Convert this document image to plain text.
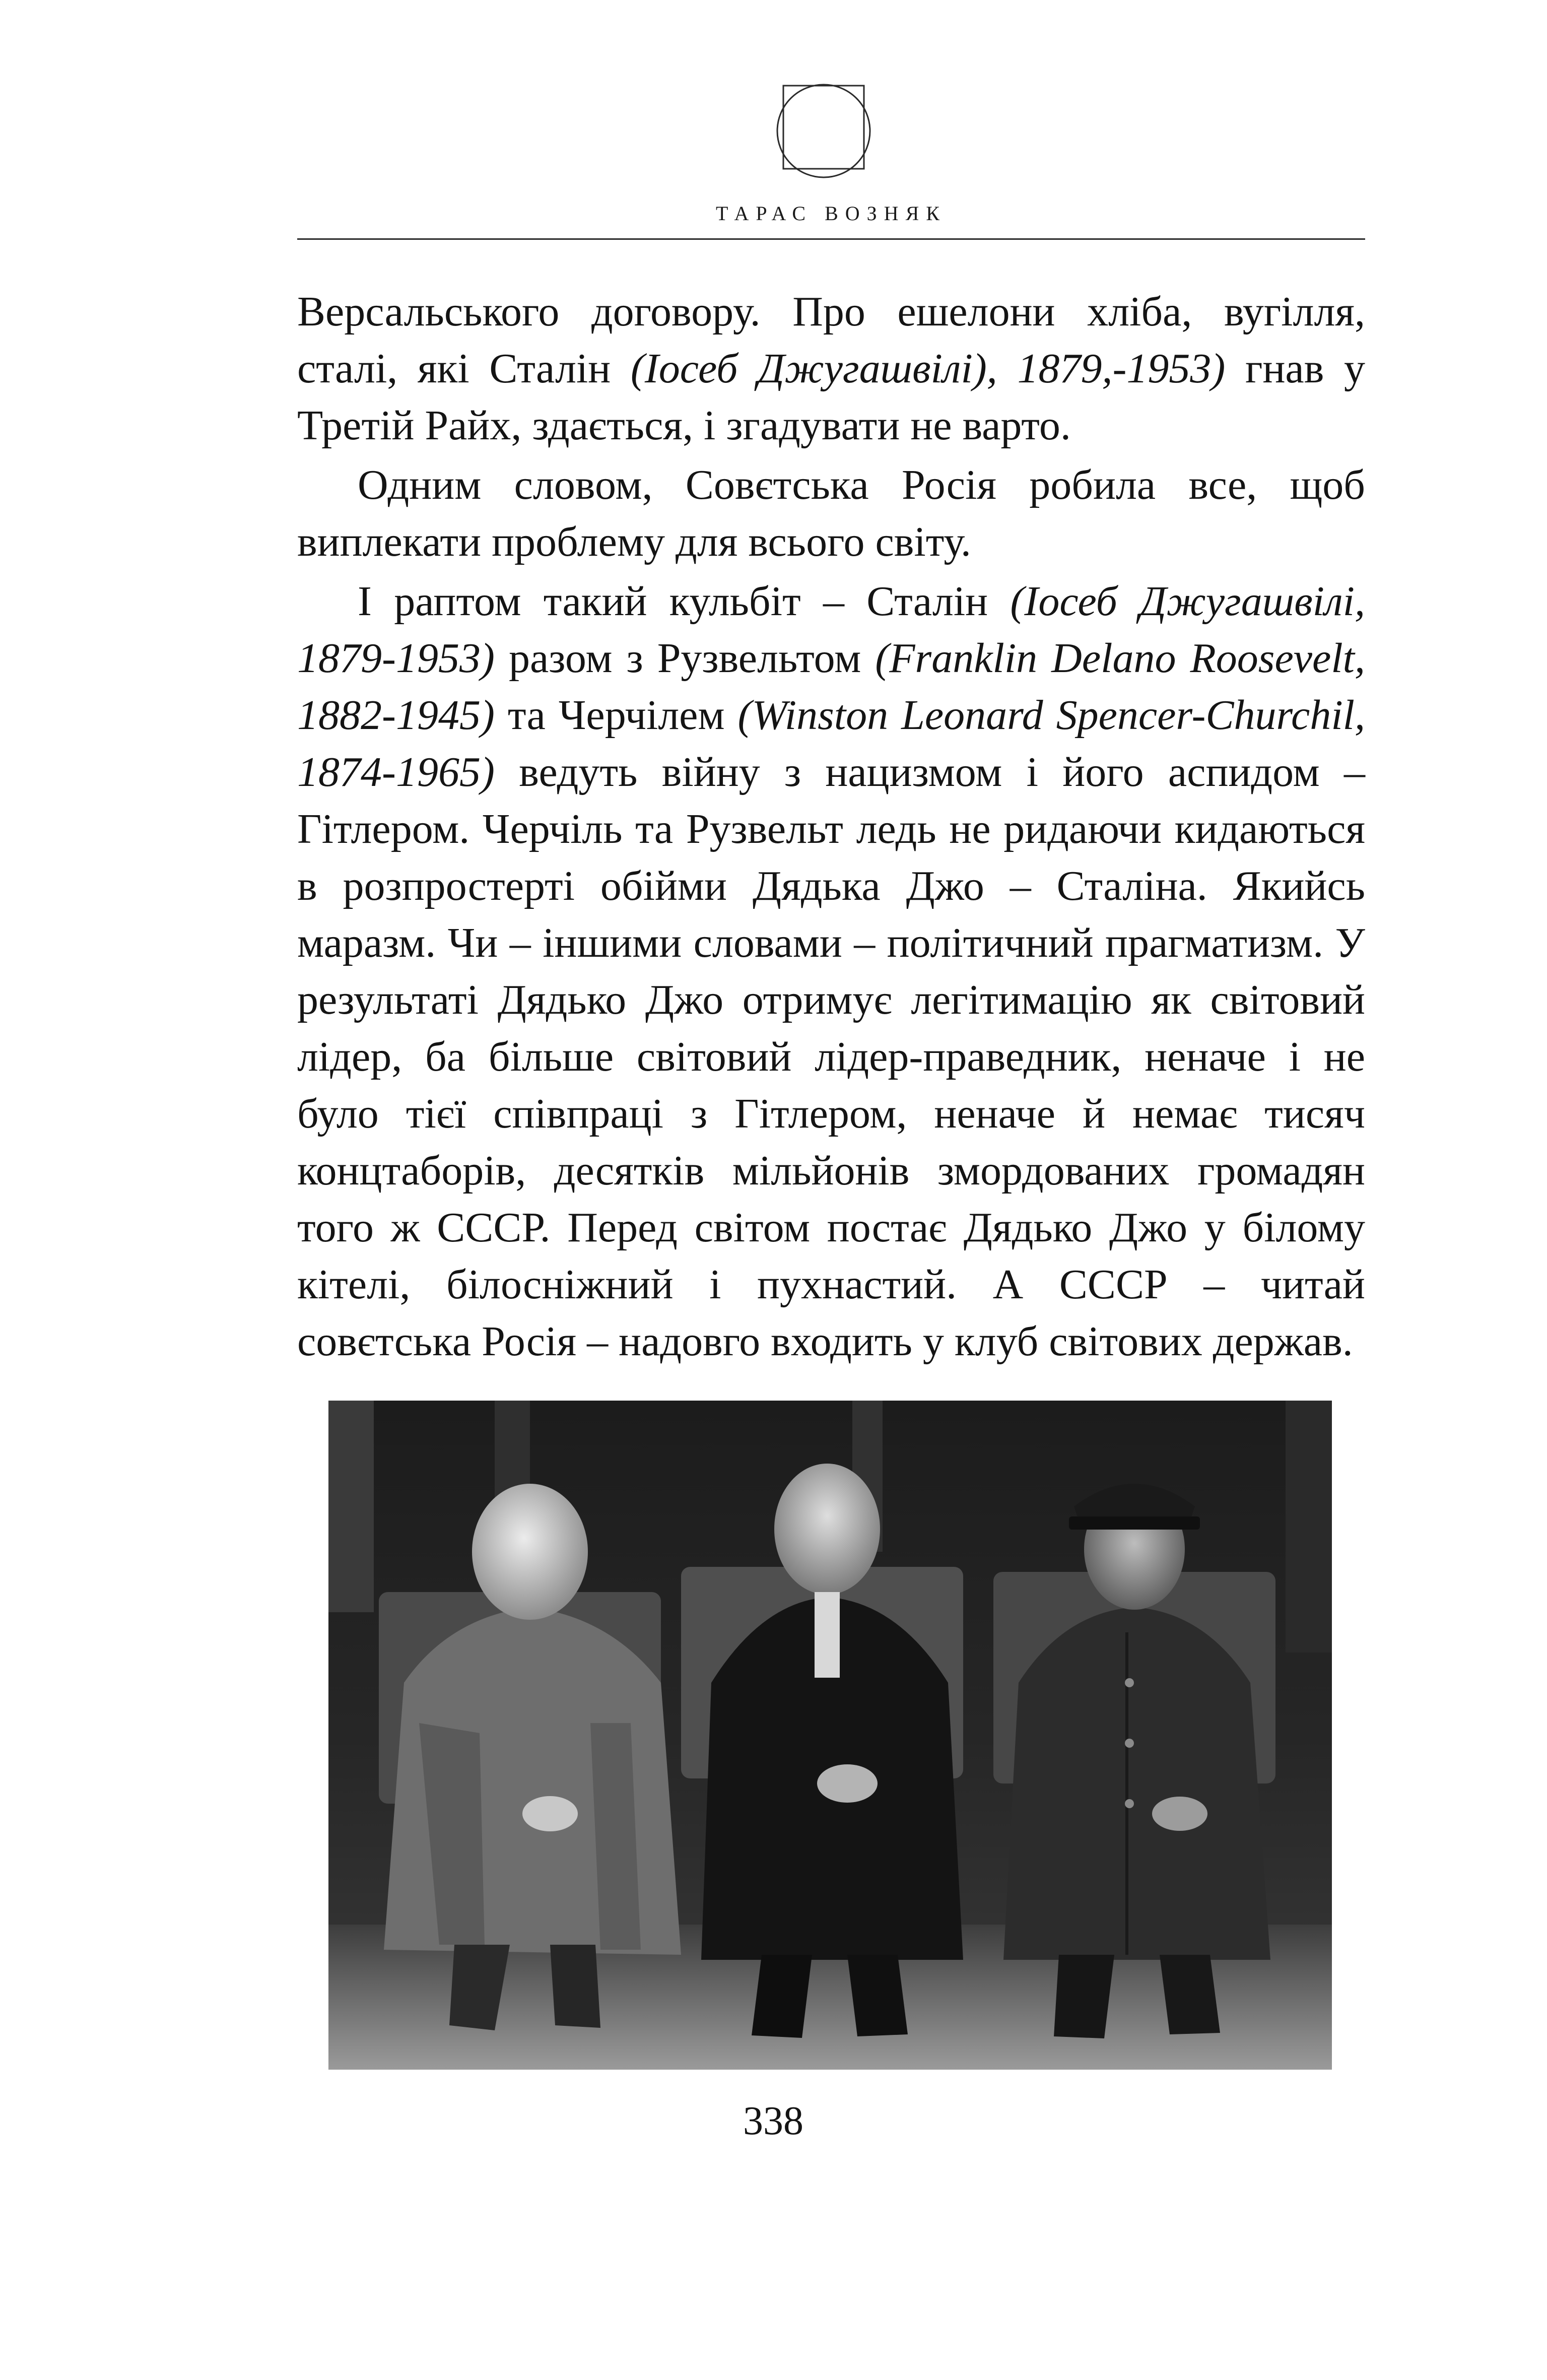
ТАРАС ВОЗНЯК

Версальського договору. Про ешелони хліба, вугілля, сталі, які Сталін (Іосеб Джугашвілі), 1879,-1953) гнав у Третій Райх, здається, і згадувати не варто.

Одним словом, Совєтська Росія робила все, щоб виплекати проблему для всього світу.

І раптом такий кульбіт – Сталін (Іосеб Джугашвілі, 1879-1953) разом з Рузвельтом (Franklin Delano Roosevelt, 1882-1945) та Черчілем (Winston Leonard Spencer-Churchil, 1874-1965) ведуть війну з нацизмом і його аспидом – Гітлером. Черчіль та Рузвельт ледь не ридаючи кидаються в розпростерті обійми Дядька Джо – Сталіна. Якийсь маразм. Чи – іншими словами – політичний прагматизм. У результаті Дядько Джо отримує легітимацію як світовий лідер, ба більше світовий лідер-праведник, неначе і не було тієї співпраці з Гітлером, неначе й немає тисяч концтаборів, десятків мільйонів змордованих громадян того ж СССР. Перед світом постає Дядько Джо у білому кітелі, білосніжний і пухнастий. А СССР – читай совєтська Росія – надовго входить у клуб світових держав.

338
